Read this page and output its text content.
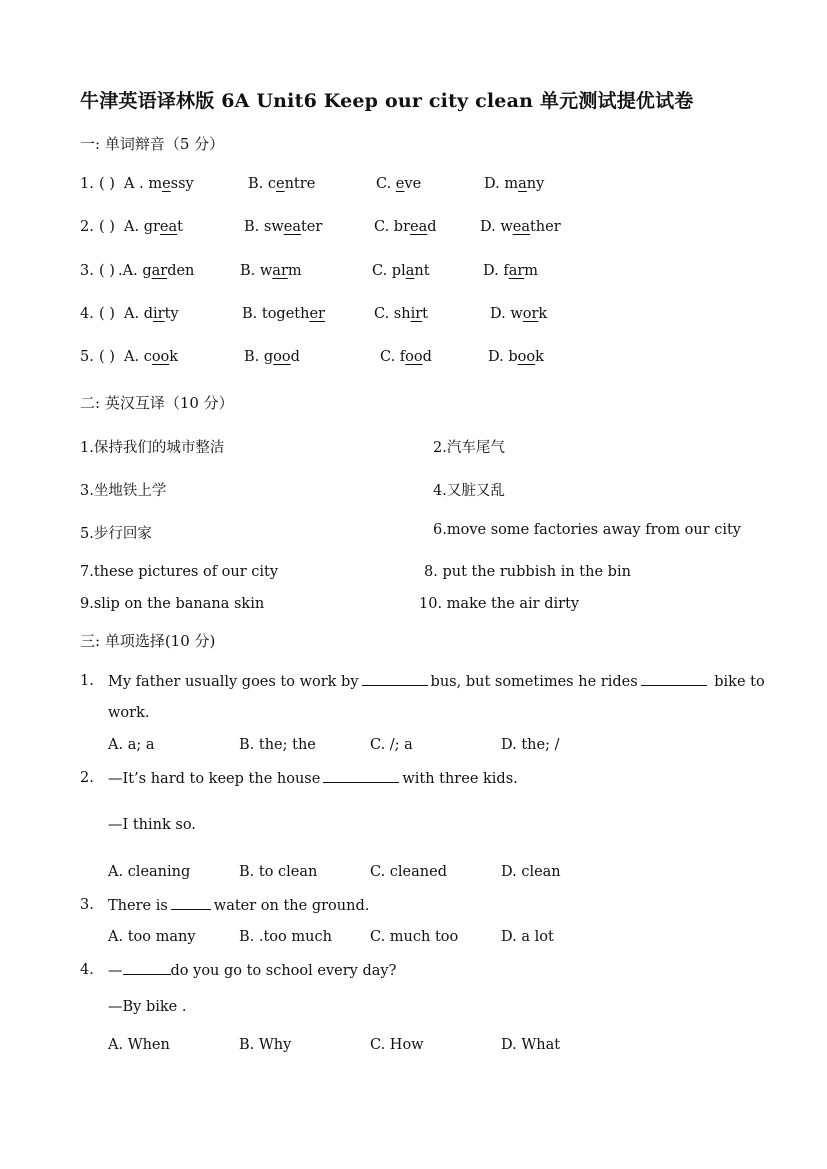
牛津英语译林版 6A Unit6 Keep our city clean 单元测试提优试卷
一: 单词辩音（5 分）
1. ( ) A . messy	B. centre	C. eve	D. many
2. ( ) A. great	B. sweater	C. bread	D. weather
3. ( ) .A. garden	B. warm	C. plant	D. farm
4. ( ) A. dirty	B. together	C. shirt	D. work
5. ( ) A. cook	B. good	C. food	D. book
二: 英汉互译（10 分）
1.保持我们的城市整洁	2.汽车尾气
3.坐地铁上学	4.又脏又乱
5.步行回家	6.move some factories away from our city
7.these pictures of our city	8. put the rubbish in the bin
9.slip on the banana skin	10. make the air dirty
三: 单项选择(10 分)
1. My father usually goes to work by	bus, but sometimes he rides	bike to
work.
A. a; a	B. the; the	C. /; a	D. the; /
2. —It’s hard to keep the house	with three kids.
—I think so.
A. cleaning	B. to clean	C. cleaned	D. clean
3. There is	water on the ground.
A. too many	B. .too much	C. much too	D. a lot
4. —	do you go to school every day?
—By bike .
A. When	B. Why	C. How	D. What
